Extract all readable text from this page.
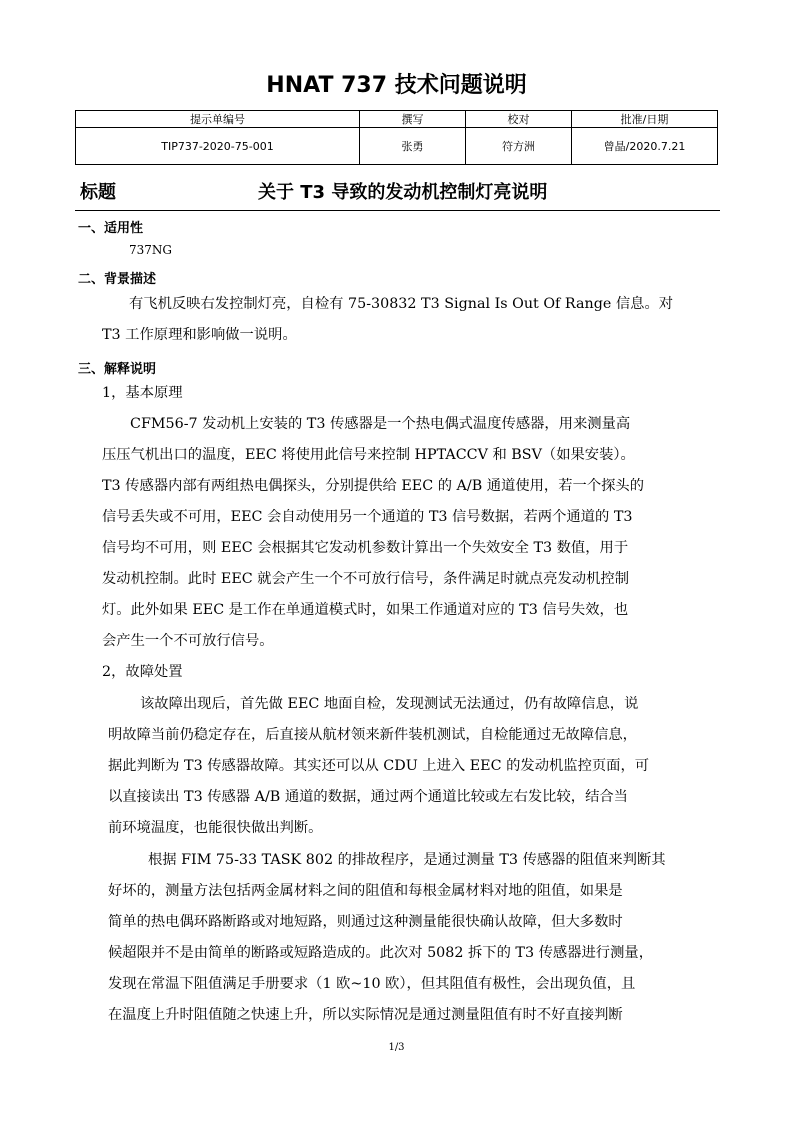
HNAT 737 技术问题说明
提示单编号	撰写	校对	批准/日期
TIP737-2020-75-001	张勇	符方洲	曾晶/2020.7.21
标题	关于 T3 导致的发动机控制灯亮说明
一、适用性
737NG
二、背景描述
有飞机反映右发控制灯亮，自检有 75-30832 T3 Signal Is Out Of Range 信息。对
T3 工作原理和影响做一说明。
三、解释说明
1，基本原理
CFM56-7 发动机上安装的 T3 传感器是一个热电偶式温度传感器，用来测量高
压压气机出口的温度，EEC 将使用此信号来控制 HPTACCV 和 BSV（如果安装）。
T3 传感器内部有两组热电偶探头，分别提供给 EEC 的 A/B 通道使用，若一个探头的
信号丢失或不可用，EEC 会自动使用另一个通道的 T3 信号数据，若两个通道的 T3
信号均不可用，则 EEC 会根据其它发动机参数计算出一个失效安全 T3 数值，用于
发动机控制。此时 EEC 就会产生一个不可放行信号，条件满足时就点亮发动机控制
灯。此外如果 EEC 是工作在单通道模式时，如果工作通道对应的 T3 信号失效，也
会产生一个不可放行信号。
2，故障处置
该故障出现后，首先做 EEC 地面自检，发现测试无法通过，仍有故障信息，说
明故障当前仍稳定存在，后直接从航材领来新件装机测试，自检能通过无故障信息，
据此判断为 T3 传感器故障。其实还可以从 CDU 上进入 EEC 的发动机监控页面，可
以直接读出 T3 传感器 A/B 通道的数据，通过两个通道比较或左右发比较，结合当
前环境温度，也能很快做出判断。
根据 FIM 75-33 TASK 802 的排故程序，是通过测量 T3 传感器的阻值来判断其
好坏的，测量方法包括两金属材料之间的阻值和每根金属材料对地的阻值，如果是
简单的热电偶环路断路或对地短路，则通过这种测量能很快确认故障，但大多数时
候超限并不是由简单的断路或短路造成的。此次对 5082 拆下的 T3 传感器进行测量，
发现在常温下阻值满足手册要求（1 欧~10 欧），但其阻值有极性，会出现负值，且
在温度上升时阻值随之快速上升，所以实际情况是通过测量阻值有时不好直接判断
1/3
